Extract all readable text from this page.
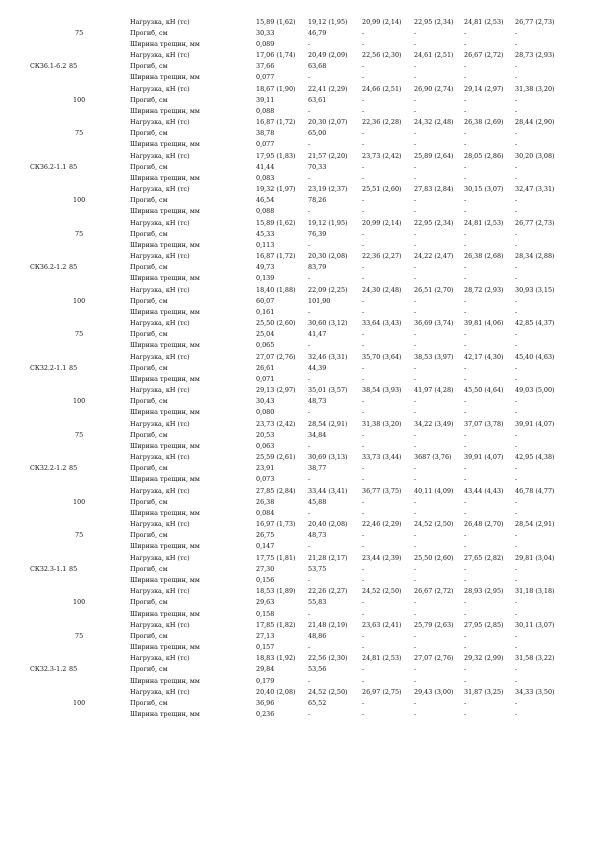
Нагрузка, кН (тс)	15,89 (1,62) 19,12 (1,95) 20,99 (2,14) 22,95 (2,34) 24,81 (2,53) 26,77 (2,73)
75	Прогиб, см	30,33	46,79	-	-	-	-
Ширина трещин, мм	0,089	-	-	-	-	-
Нагрузка, кН (тс)	17,06 (1,74) 20,49 (2,09) 22,56 (2,30) 24,61 (2,51) 26,67 (2,72) 28,73 (2,93)
СКЗ6.1-6.2 85	Прогиб, см	37,66	63,68	-	-	-	-
Ширина трещин, мм	0,077	-	-	-	-	-
Нагрузка, кН (тс)	18,67 (1,90) 22,41 (2,29) 24,66 (2,51) 26,90 (2,74) 29,14 (2,97) 31,38 (3,20)
100	Прогиб, см	39,11	63,61	-	-	-	-
Ширина трещин, мм	0,088	-	-	-	-	-
Нагрузка, кН (тс)	16,87 (1,72) 20,30 (2,07) 22,36 (2,28) 24,32 (2,48) 26,38 (2,69) 28,44 (2,90)
75	Прогиб, см	38,78	65,00	-	-	-	-
Ширина трещин, мм	0,077	-	-	-	-	-
Нагрузка, кН (тс)	17,95 (1,83) 21,57 (2,20) 23,73 (2,42) 25,89 (2,64) 28,05 (2,86) 30,20 (3,08)
СКЗ6.2-1.1 85	Прогиб, см	41,44	70,33	-	-	-	-
Ширина трещин, мм	0,083	-	-	-	-	-
Нагрузка, кН (тс)	19,32 (1,97) 23,19 (2,37) 25,51 (2,60) 27,83 (2,84) 30,15 (3,07) 32,47 (3,31)
100	Прогиб, см	46,54	78,26	-	-	-	-
Ширина трещин, мм	0,088	-	-	-	-	-
Нагрузка, кН (тс)	15,89 (1,62) 19,12 (1,95) 20,99 (2,14) 22,95 (2,34) 24,81 (2,53) 26,77 (2,73)
75	Прогиб, см	45,33	76,39	-	-	-	-
Ширина трещин, мм	0,113	-	-	-	-	-
Нагрузка, кН (тс)	16,87 (1,72) 20,30 (2,08) 22,36 (2,27) 24,22 (2,47) 26,38 (2,68) 28,34 (2,88)
СКЗ6.2-1.2 85	Прогиб, см	49,73	83,79	-	-	-	-
Ширина трещин, мм	0,139	-	-	-	-	-
Нагрузка, кН (тс)	18,40 (1,88) 22,09 (2,25) 24,30 (2,48) 26,51 (2,70) 28,72 (2,93) 30,93 (3,15)
100	Прогиб, см	60,07	101,90	-	-	-	-
Ширина трещин, мм	0,161	-	-	-	-	-
Нагрузка, кН (тс)	25,50 (2,60) 30,60 (3,12) 33,64 (3,43) 36,69 (3,74) 39,81 (4,06) 42,85 (4,37)
75	Прогиб, см	25,04	41,47	-	-	-	-
Ширина трещин, мм	0,065	-	-	-	-	-
Нагрузка, кН (тс)	27,07 (2,76) 32,46 (3,31) 35,70 (3,64) 38,53 (3,97) 42,17 (4,30) 45,40 (4,63)
СКЗ2.2-1.1 85	Прогиб, см	26,61	44,39	-	-	-	-
Ширина трещин, мм	0,071	-	-	-	-	-
Нагрузка, кН (тс)	29,13 (2,97) 35,01 (3,57) 38,54 (3,93) 41,97 (4,28) 45,50 (4,64) 49,03 (5,00)
100	Прогиб, см	30,43	48,73	-	-	-	-
Ширина трещин, мм	0,080	-	-	-	-	-
Нагрузка, кН (тс)	23,73 (2,42) 28,54 (2,91) 31,38 (3,20) 34,22 (3,49) 37,07 (3,78) 39,91 (4,07)
75	Прогиб, см	20,53	34,84	-	-	-	-
Ширина трещин, мм	0,063	-	-	-	-	-
Нагрузка, кН (тс)	25,59 (2,61) 30,69 (3,13) 33,73 (3,44) 3687 (3,76) 39,91 (4,07) 42,95 (4,38)
СКЗ2.2-1.2 85	Прогиб, см	23,91	38,77	-	-	-	-
Ширина трещин, мм	0,073	-	-	-	-	-
Нагрузка, кН (тс)	27,85 (2,84) 33,44 (3,41) 36,77 (3,75) 40,11 (4,09) 43,44 (4,43) 46,78 (4,77)
100	Прогиб, см	26,38	45,88	-	-	-	-
Ширина трещин, мм	0,084	-	-	-	-	-
Нагрузка, кН (тс)	16,97 (1,73) 20,40 (2,08) 22,46 (2,29) 24,52 (2,50) 26,48 (2,70) 28,54 (2,91)
75	Прогиб, см	26,75	48,73	-	-	-	-
Ширина трещин, мм	0,147	-	-	-	-	-
Нагрузка, кН (тс)	17,75 (1,81) 21,28 (2,17) 23,44 (2,39) 25,50 (2,60) 27,65 (2,82) 29,81 (3,04)
СКЗ2.3-1.1 85	Прогиб, см	27,30	53,75	-	-	-	-
Ширина трещин, мм	0,156	-	-	-	-	-
Нагрузка, кН (тс)	18,53 (1,89) 22,26 (2,27) 24,52 (2,50) 26,67 (2,72) 28,93 (2,95) 31,18 (3,18)
100	Прогиб, см	29,63	55,83	-	-	-	-
Ширина трещин, мм	0,158	-	-	-	-	-
Нагрузка, кН (тс)	17,85 (1,82) 21,48 (2,19) 23,63 (2,41) 25,79 (2,63) 27,95 (2,85) 30,11 (3,07)
75	Прогиб, см	27,13	48,86	-	-	-	-
Ширина трещин, мм	0,157	-	-	-	-	-
Нагрузка, кН (тс)	18,83 (1,92) 22,56 (2,30) 24,81 (2,53) 27,07 (2,76) 29,32 (2,99) 31,58 (3,22)
СКЗ2.3-1.2 85	Прогиб, см	29,84	53,56	-	-	-	-
Ширина трещин, мм	0,179	-	-	-	-	-
Нагрузка, кН (тс)	20,40 (2,08) 24,52 (2,50) 26,97 (2,75) 29,43 (3,00) 31,87 (3,25) 34,33 (3,50)
100	Прогиб, см	36,96	65,52	-	-	-	-
Ширина трещин, мм	0,236	-	-	-	-	-
